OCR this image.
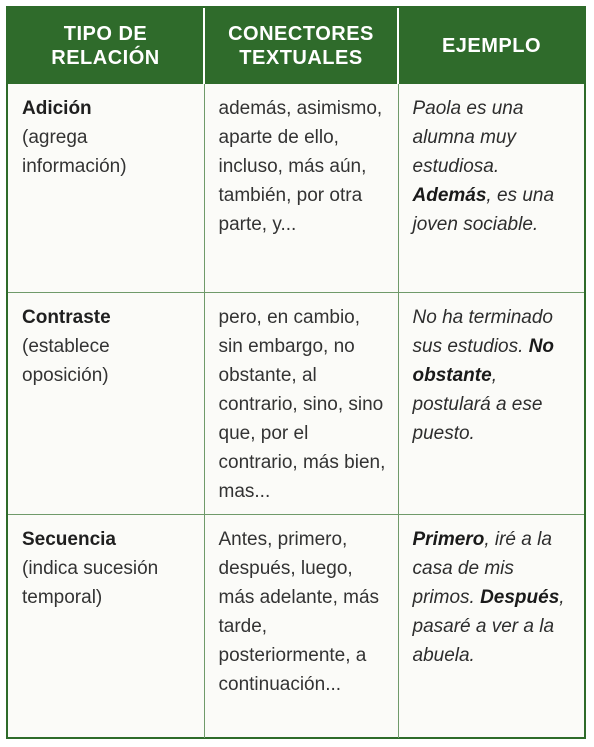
TIPO DE RELACIÓN	CONECTORES TEXTUALES	EJEMPLO

Adición
(agrega información)	además, asimismo, aparte de ello, incluso, más aún, también, por otra parte, y...	Paola es una alumna muy estudiosa. Además, es una joven sociable.

Contraste
(establece oposición)	pero, en cambio, sin embargo, no obstante, al contrario, sino, sino que, por el contrario, más bien, mas...	No ha terminado sus estudios. No obstante, postulará a ese puesto.

Secuencia
(indica sucesión temporal)	Antes, primero, después, luego, más adelante, más tarde, posteriormente, a continuación...	Primero, iré a la casa de mis primos. Después, pasaré a ver a la abuela.
